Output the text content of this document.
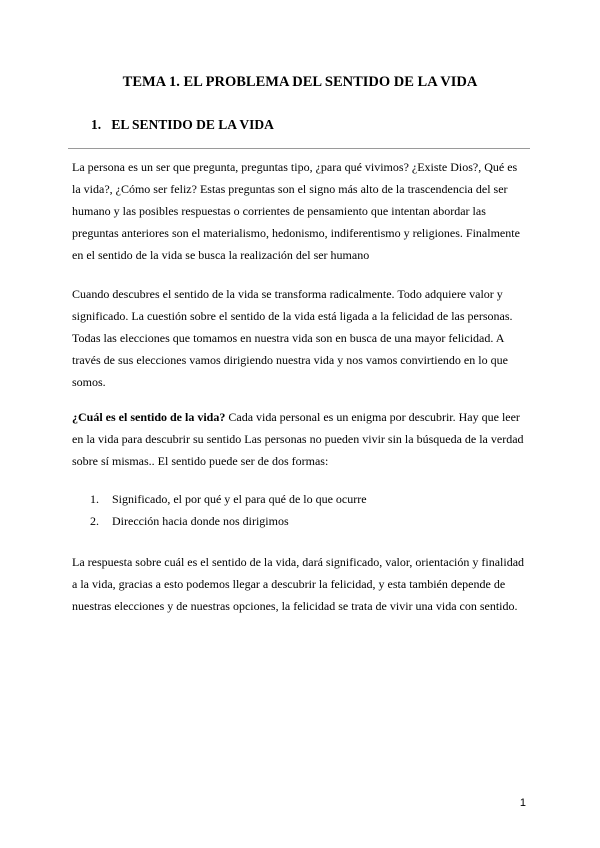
TEMA 1. EL PROBLEMA DEL SENTIDO DE LA VIDA
1. EL SENTIDO DE LA VIDA

La persona es un ser que pregunta, preguntas tipo, ¿para qué vivimos? ¿Existe Dios?, Qué es la vida?, ¿Cómo ser feliz? Estas preguntas son el signo más alto de la trascendencia del ser humano y las posibles respuestas o corrientes de pensamiento que intentan abordar las preguntas anteriores son el materialismo, hedonismo, indiferentismo y religiones. Finalmente en el sentido de la vida se busca la realización del ser humano

Cuando descubres el sentido de la vida se transforma radicalmente. Todo adquiere valor y significado. La cuestión sobre el sentido de la vida está ligada a la felicidad de las personas. Todas las elecciones que tomamos en nuestra vida son en busca de una mayor felicidad. A través de sus elecciones vamos dirigiendo nuestra vida y nos vamos convirtiendo en lo que somos.

¿Cuál es el sentido de la vida? Cada vida personal es un enigma por descubrir. Hay que leer en la vida para descubrir su sentido Las personas no pueden vivir sin la búsqueda de la verdad sobre sí mismas.. El sentido puede ser de dos formas:

1. Significado, el por qué y el para qué de lo que ocurre
2. Dirección hacia donde nos dirigimos

La respuesta sobre cuál es el sentido de la vida, dará significado, valor, orientación y finalidad a la vida, gracias a esto podemos llegar a descubrir la felicidad, y esta también depende de nuestras elecciones y de nuestras opciones, la felicidad se trata de vivir una vida con sentido.

1
